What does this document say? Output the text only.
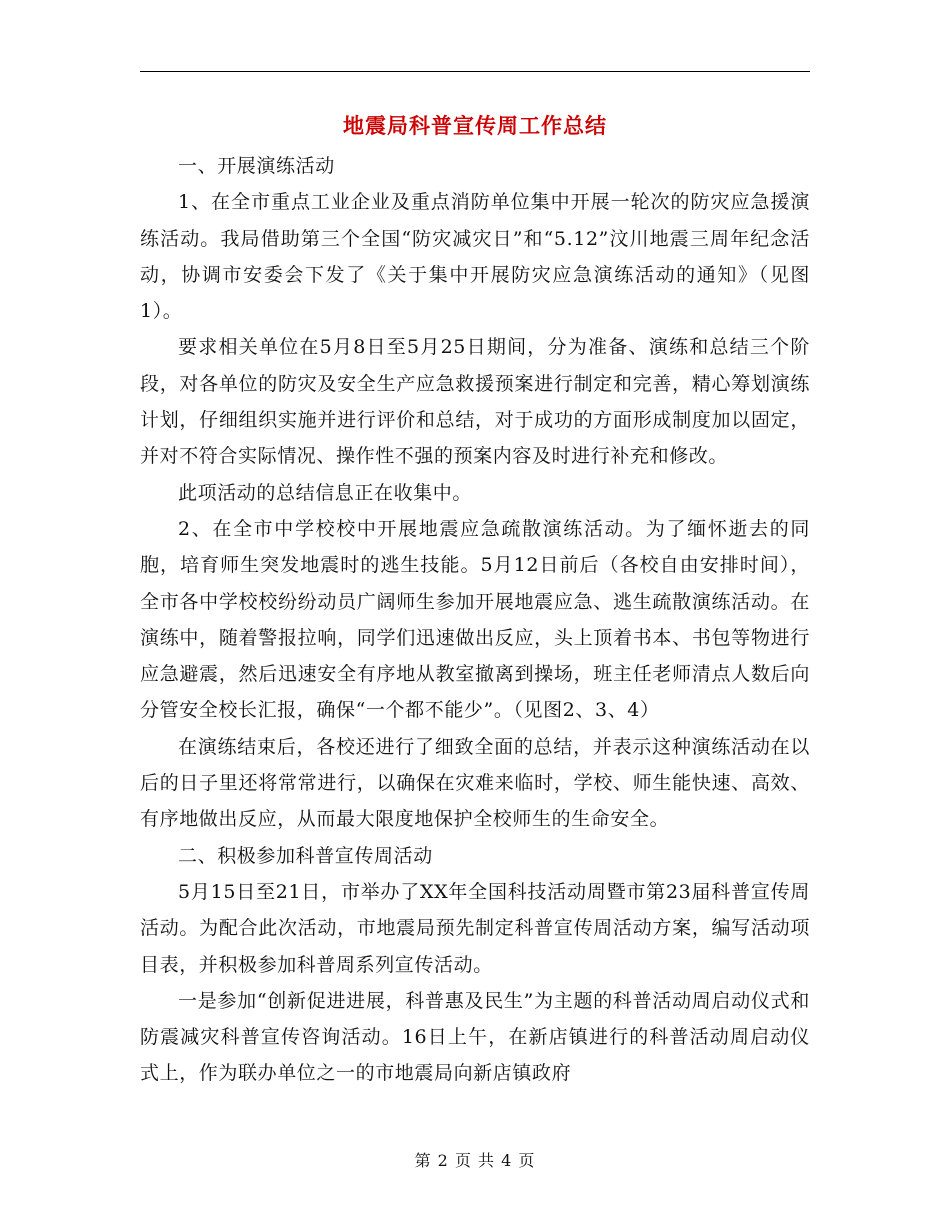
地震局科普宣传周工作总结

一、开展演练活动

1、在全市重点工业企业及重点消防单位集中开展一轮次的防灾应急援演练活动。我局借助第三个全国“防灾减灾日”和“5.12”汶川地震三周年纪念活动，协调市安委会下发了《关于集中开展防灾应急演练活动的通知》（见图1）。

要求相关单位在5月8日至5月25日期间，分为准备、演练和总结三个阶段，对各单位的防灾及安全生产应急救援预案进行制定和完善，精心筹划演练计划，仔细组织实施并进行评价和总结，对于成功的方面形成制度加以固定，并对不符合实际情况、操作性不强的预案内容及时进行补充和修改。

此项活动的总结信息正在收集中。

2、在全市中学校校中开展地震应急疏散演练活动。为了缅怀逝去的同胞，培育师生突发地震时的逃生技能。5月12日前后（各校自由安排时间），全市各中学校校纷纷动员广阔师生参加开展地震应急、逃生疏散演练活动。在演练中，随着警报拉响，同学们迅速做出反应，头上顶着书本、书包等物进行应急避震，然后迅速安全有序地从教室撤离到操场，班主任老师清点人数后向分管安全校长汇报，确保“一个都不能少”。（见图2、3、4）

在演练结束后，各校还进行了细致全面的总结，并表示这种演练活动在以后的日子里还将常常进行，以确保在灾难来临时，学校、师生能快速、高效、有序地做出反应，从而最大限度地保护全校师生的生命安全。

二、积极参加科普宣传周活动

5月15日至21日，市举办了XX年全国科技活动周暨市第23届科普宣传周活动。为配合此次活动，市地震局预先制定科普宣传周活动方案，编写活动项目表，并积极参加科普周系列宣传活动。

一是参加“创新促进进展，科普惠及民生”为主题的科普活动周启动仪式和防震减灾科普宣传咨询活动。16日上午，在新店镇进行的科普活动周启动仪式上，作为联办单位之一的市地震局向新店镇政府

第 2 页 共 4 页
